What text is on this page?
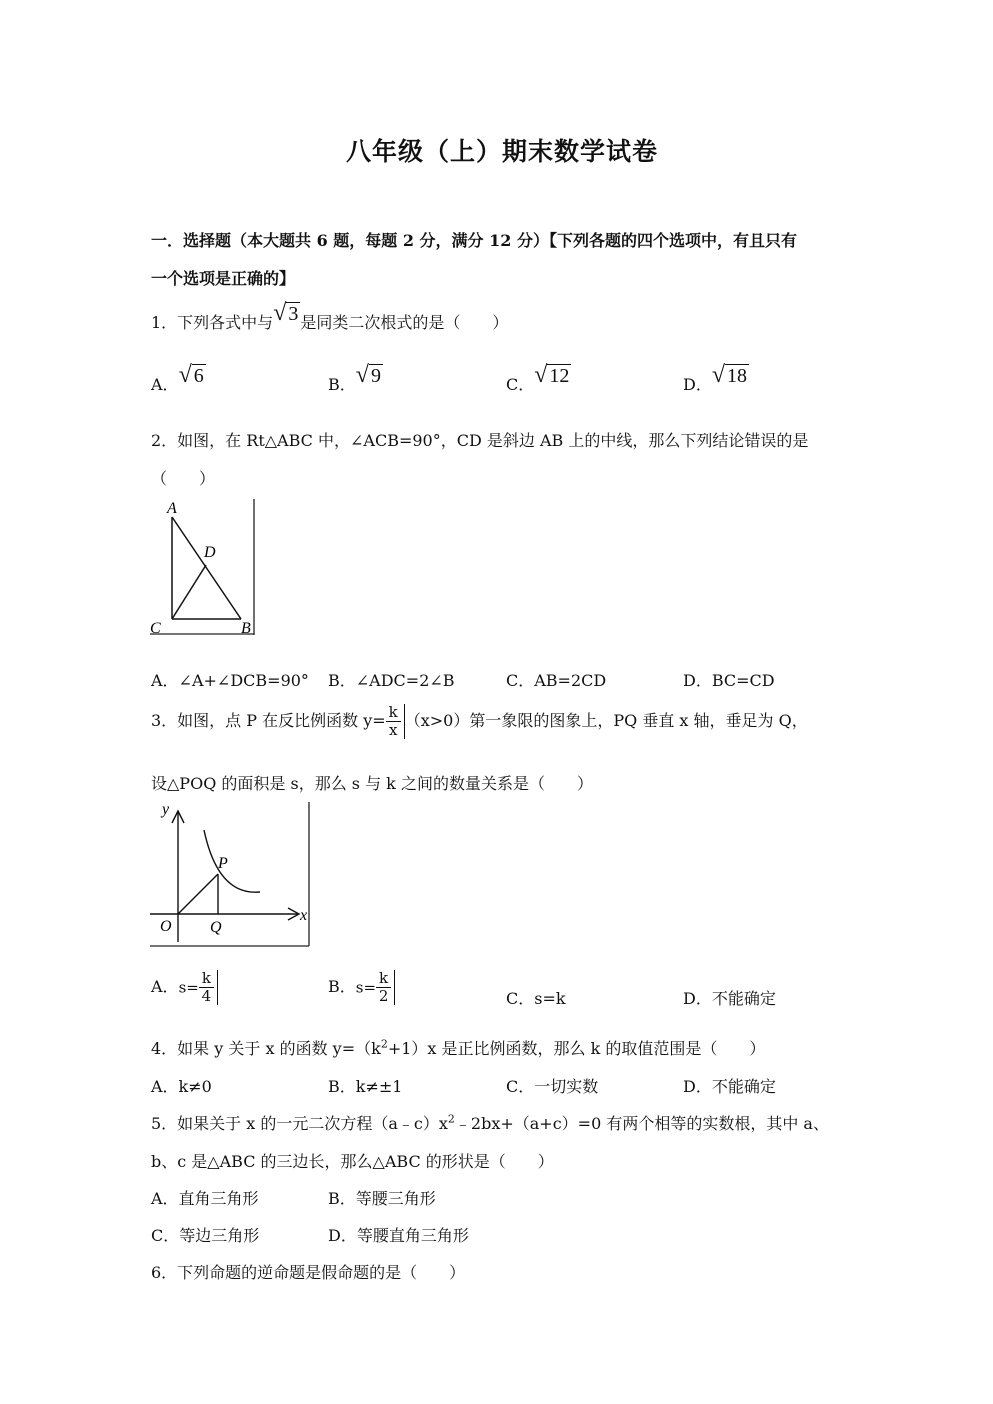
八年级（上）期末数学试卷
一．选择题（本大题共 6 题，每题 2 分，满分 12 分）【下列各题的四个选项中，有且只有
一个选项是正确的】
1．下列各式中与√ 3 是同类二次根式的是（　　）
A．√ 6	B．√ 9	C．√ 12	D．√ 18
2．如图，在 Rt△ABC 中，∠ACB=90°，CD 是斜边 AB 上的中线，那么下列结论错误的是
（　　）
A
D
C	B
A．∠A+∠DCB=90° B．∠ADC=2∠B	C．AB=2CD	D．BC=CD
3．如图，点 P 在反比例函数 $y= \frac{k}{x} (x>0)$第一象限的图象上，PQ 垂直 x 轴，垂足为 Q，
设△POQ 的面积是 s，那么 s 与 k 之间的数量关系是（　　）
y
x
O Q
P
A．$s= \frac{k}{4}$	B．$s= \frac{k}{2}$	C．s=k	D．不能确定
4．如果 y 关于 x 的函数 $y=(k^2+1)x$ 是正比例函数，那么 k 的取值范围是（　　）
A．k≠0	B．k≠±1	C．一切实数	D．不能确定
5．如果关于 x 的一元二次方程$(a﹣c)x^2﹣2bx+(a+c)=0$ 有两个相等的实数根，其中 a、
b、c 是△ABC 的三边长，那么△ABC 的形状是（　　）
A．直角三角形	B．等腰三角形
C．等边三角形	D．等腰直角三角形
6．下列命题的逆命题是假命题的是（　　）
